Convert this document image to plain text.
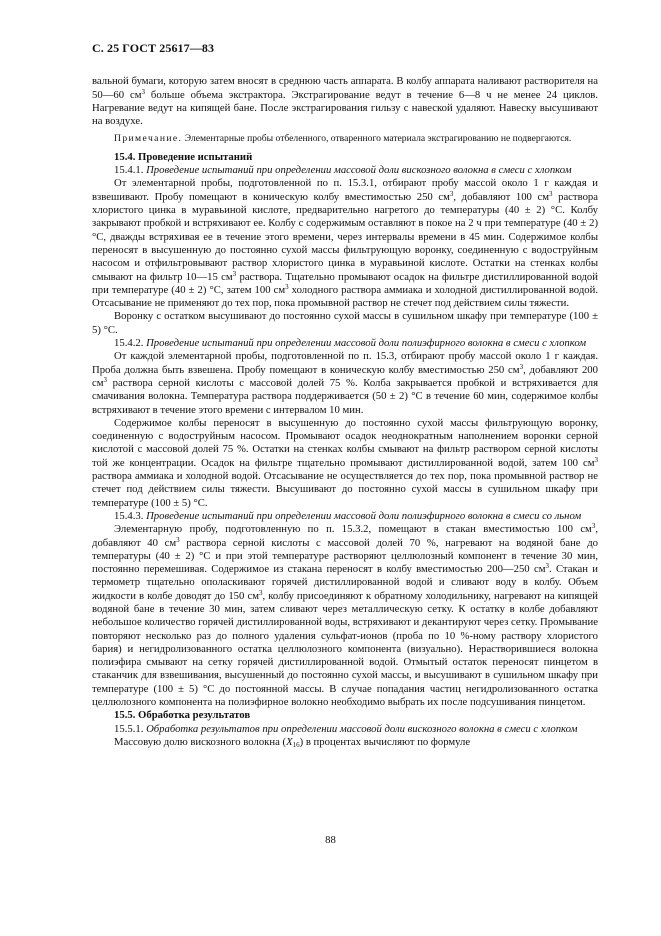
С. 25 ГОСТ 25617—83

вальной бумаги, которую затем вносят в среднюю часть аппарата. В колбу аппарата наливают растворителя на 50—60 $см^3$ больше объема экстрактора. Экстрагирование ведут в течение 6—8 ч не менее 24 циклов. Нагревание ведут на кипящей бане. После экстрагирования гильзу с навеской удаляют. Навеску высушивают на воздухе.

Примечание. Элементарные пробы отбеленного, отваренного материала экстрагированию не подвергаются.

15.4. Проведение испытаний

15.4.1. Проведение испытаний при определении массовой доли вискозного волокна в смеси с хлопком

От элементарной пробы, подготовленной по п. 15.3.1, отбирают пробу массой около 1 г каждая и взвешивают. Пробу помещают в коническую колбу вместимостью 250 $см^3$, добавляют 100 $см^3$ раствора хлористого цинка в муравьиной кислоте, предварительно нагретого до температуры (40 ± 2) °С. Колбу закрывают пробкой и встряхивают ее. Колбу с содержимым оставляют в покое на 2 ч при температуре (40 ± 2) °С, дважды встряхивая ее в течение этого времени, через интервалы времени в 45 мин. Содержимое колбы переносят в высушенную до постоянно сухой массы фильтрующую воронку, соединенную с водоструйным насосом и отфильтровывают раствор хлористого цинка в муравьиной кислоте. Остатки на стенках колбы смывают на фильтр 10—15 $см^3$ раствора. Тщательно промывают осадок на фильтре дистиллированной водой при температуре (40 ± 2) °С, затем 100 $см^3$ холодного раствора аммиака и холодной дистиллированной водой. Отсасывание не применяют до тех пор, пока промывной раствор не стечет под действием силы тяжести.

Воронку с остатком высушивают до постоянно сухой массы в сушильном шкафу при температуре (100 ± 5) °С.

15.4.2. Проведение испытаний при определении массовой доли полиэфирного волокна в смеси с хлопком

От каждой элементарной пробы, подготовленной по п. 15.3, отбирают пробу массой около 1 г каждая. Проба должна быть взвешена. Пробу помещают в коническую колбу вместимостью 250 $см^3$, добавляют 200 $см^3$ раствора серной кислоты с массовой долей 75 %. Колба закрывается пробкой и встряхивается для смачивания волокна. Температура раствора поддерживается (50 ± 2) °С в течение 60 мин, содержимое колбы встряхивают в течение этого времени с интервалом 10 мин.

Содержимое колбы переносят в высушенную до постоянно сухой массы фильтрующую воронку, соединенную с водоструйным насосом. Промывают осадок неоднократным наполнением воронки серной кислотой с массовой долей 75 %. Остатки на стенках колбы смывают на фильтр раствором серной кислоты той же концентрации. Осадок на фильтре тщательно промывают дистиллированной водой, затем 100 $см^3$ раствора аммиака и холодной водой. Отсасывание не осуществляется до тех пор, пока промывной раствор не стечет под действием силы тяжести. Высушивают до постоянно сухой массы в сушильном шкафу при температуре (100 ± 5) °С.

15.4.3. Проведение испытаний при определении массовой доли полиэфирного волокна в смеси со льном

Элементарную пробу, подготовленную по п. 15.3.2, помещают в стакан вместимостью 100 $см^3$, добавляют 40 $см^3$ раствора серной кислоты с массовой долей 70 %, нагревают на водяной бане до температуры (40 ± 2) °С и при этой температуре растворяют целлюлозный компонент в течение 30 мин, постоянно перемешивая. Содержимое из стакана переносят в колбу вместимостью 200—250 $см^3$. Стакан и термометр тщательно ополаскивают горячей дистиллированной водой и сливают воду в колбу. Объем жидкости в колбе доводят до 150 $см^3$, колбу присоединяют к обратному холодильнику, нагревают на кипящей водяной бане в течение 30 мин, затем сливают через металлическую сетку. К остатку в колбе добавляют небольшое количество горячей дистиллированной воды, встряхивают и декантируют через сетку. Промывание повторяют несколько раз до полного удаления сульфат-ионов (проба по 10 %-ному раствору хлористого бария) и негидролизованного остатка целлюлозного компонента (визуально). Нерастворившиеся волокна полиэфира смывают на сетку горячей дистиллированной водой. Отмытый остаток переносят пинцетом в стаканчик для взвешивания, высушенный до постоянно сухой массы, и высушивают в сушильном шкафу при температуре (100 ± 5) °С до постоянной массы. В случае попадания частиц негидролизованного остатка целлюлозного компонента на полиэфирное волокно необходимо выбрать их после подсушивания пинцетом.

15.5. Обработка результатов

15.5.1. Обработка результатов при определении массовой доли вискозного волокна в смеси с хлопком

Массовую долю вискозного волокна $(X_{16})$ в процентах вычисляют по формуле

88
